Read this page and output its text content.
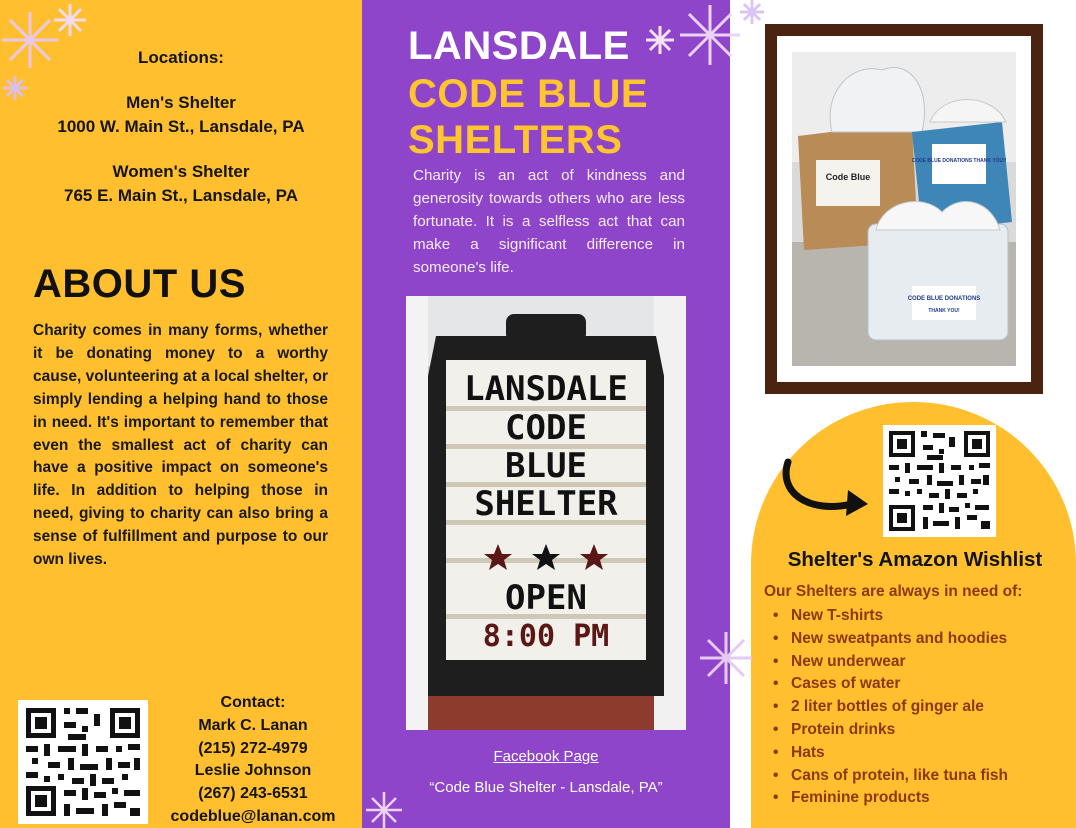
Locations:
Men's Shelter
1000 W. Main St., Lansdale, PA
Women's Shelter
765 E. Main St., Lansdale, PA
ABOUT US
Charity comes in many forms, whether it be donating money to a worthy cause, volunteering at a local shelter, or simply lending a helping hand to those in need. It's important to remember that even the smallest act of charity can have a positive impact on someone's life. In addition to helping those in need, giving to charity can also bring a sense of fulfillment and purpose to our own lives.
Contact:
Mark C. Lanan
(215) 272-4979
Leslie Johnson
(267) 243-6531
codeblue@lanan.com
LANSDALE
CODE BLUE
SHELTERS
Charity is an act of kindness and generosity towards others who are less fortunate. It is a selfless act that can make a significant difference in someone's life.
LANSDALE
CODE
BLUE
SHELTER
OPEN
8:00 PM
Facebook Page
“Code Blue Shelter - Lansdale, PA”
Code Blue
CODE BLUE DONATIONS THANK YOU!!
CODE BLUE DONATIONS
THANK YOU!
Shelter's Amazon Wishlist
Our Shelters are always in need of:
• New T-shirts
• New sweatpants and hoodies
• New underwear
• Cases of water
• 2 liter bottles of ginger ale
• Protein drinks
• Hats
• Cans of protein, like tuna fish
• Feminine products
